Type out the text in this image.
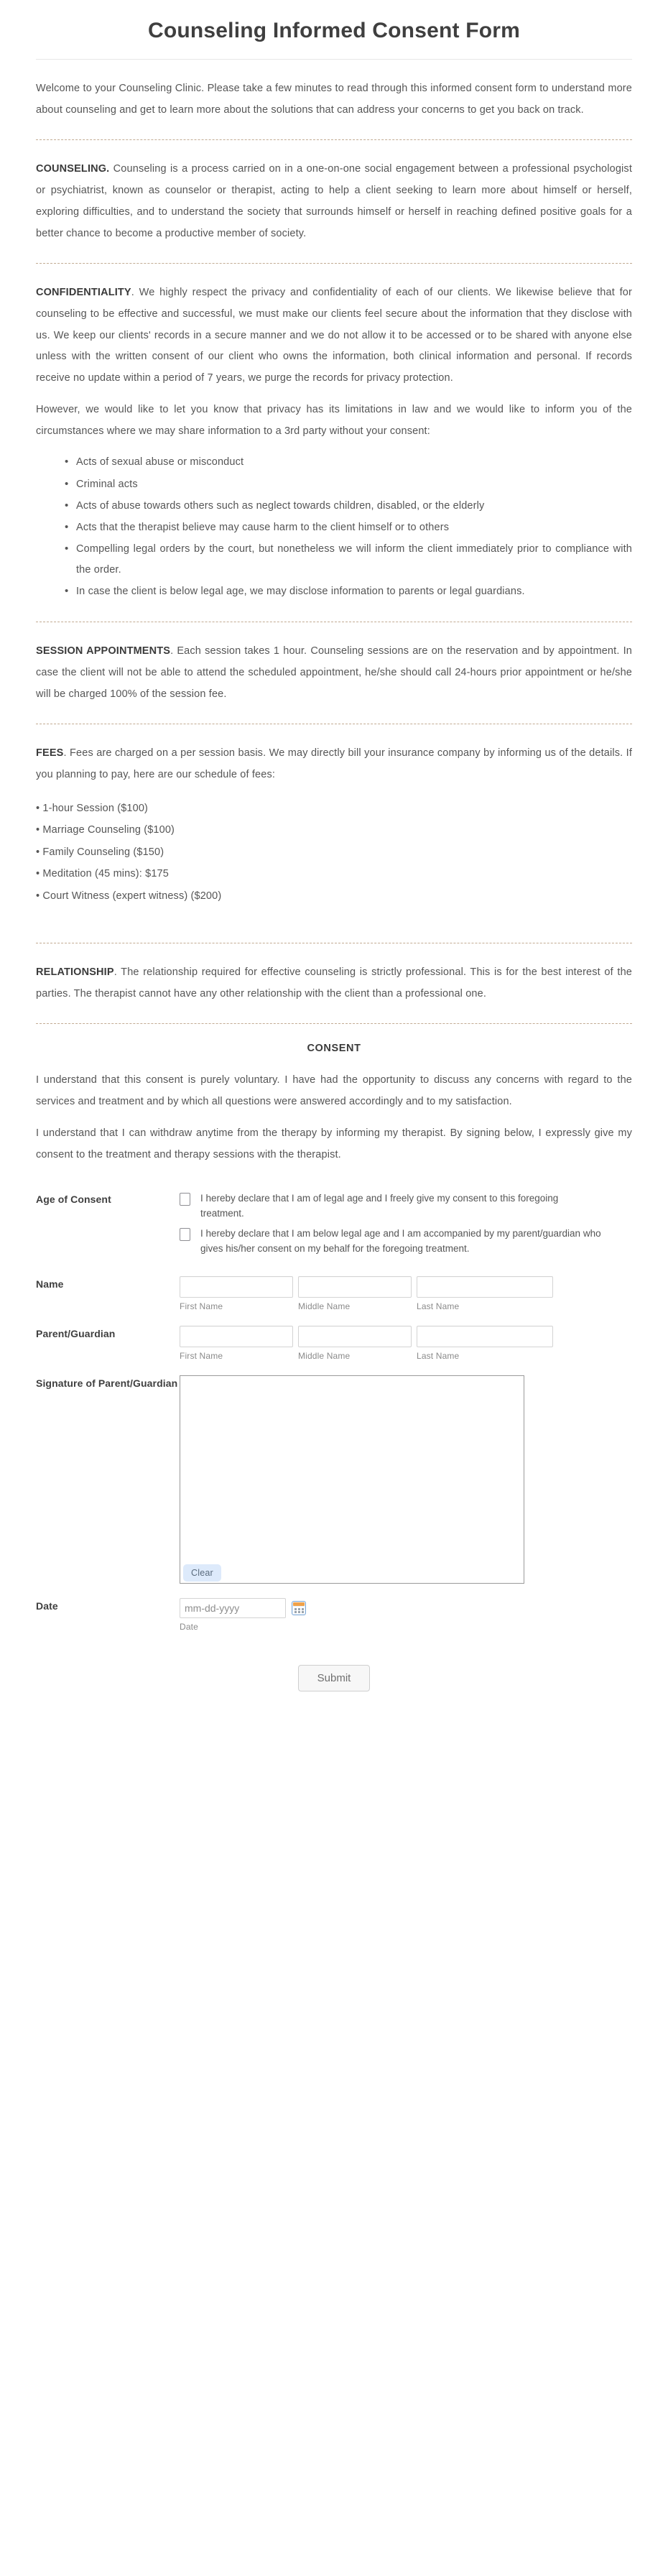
Counseling Informed Consent Form

Welcome to your Counseling Clinic. Please take a few minutes to read through this informed consent form to understand more about counseling and get to learn more about the solutions that can address your concerns to get you back on track.

COUNSELING. Counseling is a process carried on in a one-on-one social engagement between a professional psychologist or psychiatrist, known as counselor or therapist, acting to help a client seeking to learn more about himself or herself, exploring difficulties, and to understand the society that surrounds himself or herself in reaching defined positive goals for a better chance to become a productive member of society.

CONFIDENTIALITY. We highly respect the privacy and confidentiality of each of our clients. We likewise believe that for counseling to be effective and successful, we must make our clients feel secure about the information that they disclose with us. We keep our clients' records in a secure manner and we do not allow it to be accessed or to be shared with anyone else unless with the written consent of our client who owns the information, both clinical information and personal. If records receive no update within a period of 7 years, we purge the records for privacy protection.

However, we would like to let you know that privacy has its limitations in law and we would like to inform you of the circumstances where we may share information to a 3rd party without your consent:

• Acts of sexual abuse or misconduct
• Criminal acts
• Acts of abuse towards others such as neglect towards children, disabled, or the elderly
• Acts that the therapist believe may cause harm to the client himself or to others
• Compelling legal orders by the court, but nonetheless we will inform the client immediately prior to compliance with the order.
• In case the client is below legal age, we may disclose information to parents or legal guardians.

SESSION APPOINTMENTS. Each session takes 1 hour. Counseling sessions are on the reservation and by appointment. In case the client will not be able to attend the scheduled appointment, he/she should call 24-hours prior appointment or he/she will be charged 100% of the session fee.

FEES. Fees are charged on a per session basis. We may directly bill your insurance company by informing us of the details. If you planning to pay, here are our schedule of fees:

• 1-hour Session ($100)
• Marriage Counseling ($100)
• Family Counseling ($150)
• Meditation (45 mins): $175
• Court Witness (expert witness) ($200)

RELATIONSHIP. The relationship required for effective counseling is strictly professional. This is for the best interest of the parties. The therapist cannot have any other relationship with the client than a professional one.

CONSENT

I understand that this consent is purely voluntary. I have had the opportunity to discuss any concerns with regard to the services and treatment and by which all questions were answered accordingly and to my satisfaction.

I understand that I can withdraw anytime from the therapy by informing my therapist. By signing below, I expressly give my consent to the treatment and therapy sessions with the therapist.

Age of Consent	I hereby declare that I am of legal age and I freely give my consent to this foregoing treatment.
I hereby declare that I am below legal age and I am accompanied by my parent/guardian who gives his/her consent on my behalf for the foregoing treatment.
Name
First Name	Middle Name	Last Name
Parent/Guardian
First Name	Middle Name	Last Name
Signature of Parent/Guardian
Clear
Date
mm-dd-yyyy
Date
Submit
